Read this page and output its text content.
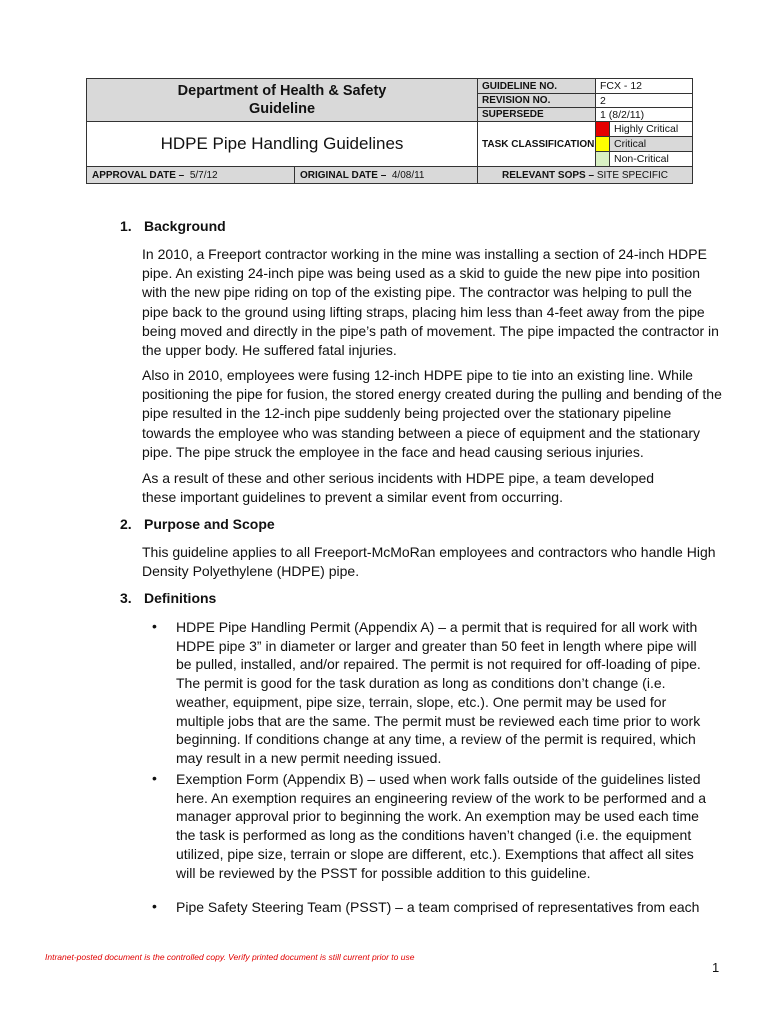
Department of Health & Safety
Guideline		GUIDELINE NO.	FCX - 12	
		REVISION NO.	2	
		SUPERSEDE	1 (8/2/11)	
HDPE Pipe Handling Guidelines		TASK CLASSIFICATION		Highly Critical
				Critical
				Non-Critical
APPROVAL DATE – 5/7/12	ORIGINAL DATE – 4/08/11	RELEVANT SOPS – SITE SPECIFIC		
1. Background
In 2010, a Freeport contractor working in the mine was installing a section of 24-inch HDPE pipe. An existing 24-inch pipe was being used as a skid to guide the new pipe into position with the new pipe riding on top of the existing pipe. The contractor was helping to pull the pipe back to the ground using lifting straps, placing him less than 4-feet away from the pipe being moved and directly in the pipe’s path of movement. The pipe impacted the contractor in the upper body. He suffered fatal injuries.
Also in 2010, employees were fusing 12-inch HDPE pipe to tie into an existing line. While positioning the pipe for fusion, the stored energy created during the pulling and bending of the pipe resulted in the 12-inch pipe suddenly being projected over the stationary pipeline towards the employee who was standing between a piece of equipment and the stationary pipe. The pipe struck the employee in the face and head causing serious injuries.
As a result of these and other serious incidents with HDPE pipe, a team developed these important guidelines to prevent a similar event from occurring.
2. Purpose and Scope
This guideline applies to all Freeport-McMoRan employees and contractors who handle High Density Polyethylene (HDPE) pipe.
3. Definitions
• HDPE Pipe Handling Permit (Appendix A) – a permit that is required for all work with HDPE pipe 3” in diameter or larger and greater than 50 feet in length where pipe will be pulled, installed, and/or repaired. The permit is not required for off-loading of pipe. The permit is good for the task duration as long as conditions don’t change (i.e. weather, equipment, pipe size, terrain, slope, etc.). One permit may be used for multiple jobs that are the same. The permit must be reviewed each time prior to work beginning. If conditions change at any time, a review of the permit is required, which may result in a new permit needing issued.
• Exemption Form (Appendix B) – used when work falls outside of the guidelines listed here. An exemption requires an engineering review of the work to be performed and a manager approval prior to beginning the work. An exemption may be used each time the task is performed as long as the conditions haven’t changed (i.e. the equipment utilized, pipe size, terrain or slope are different, etc.). Exemptions that affect all sites will be reviewed by the PSST for possible addition to this guideline.
• Pipe Safety Steering Team (PSST) – a team comprised of representatives from each
Intranet-posted document is the controlled copy. Verify printed document is still current prior to use
1
